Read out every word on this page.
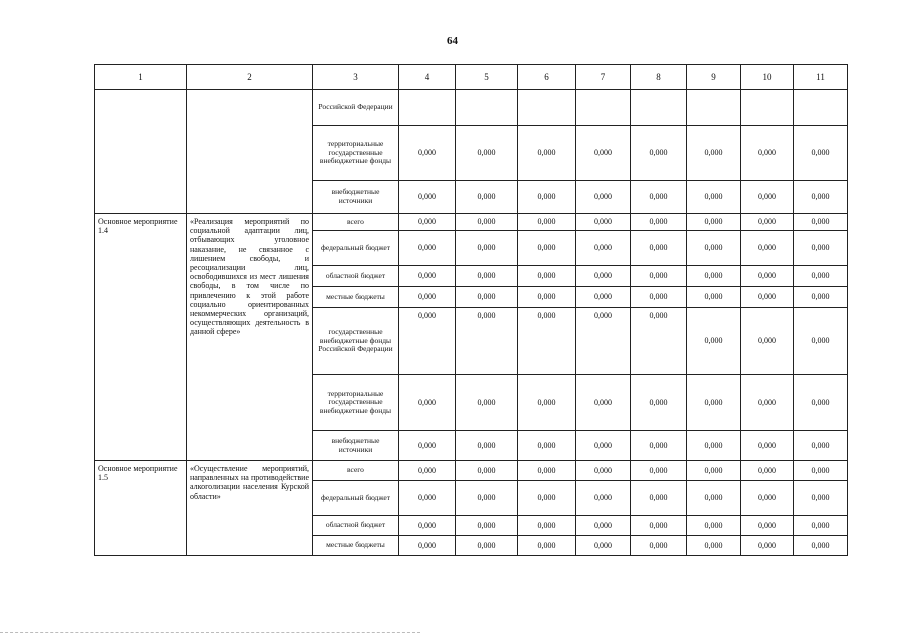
64
1	2	3	4	5	6	7	8	9	10	11
		Российской Федерации								
		территориальные государственные внебюджетные фонды	0,000	0,000	0,000	0,000	0,000	0,000	0,000	0,000
		внебюджетные источники	0,000	0,000	0,000	0,000	0,000	0,000	0,000	0,000
Основное мероприятие 1.4	«Реализация мероприятий по социальной адаптации лиц, отбывающих уголовное наказание, не связанное с лишением свободы, и ресоциализации лиц, освободившихся из мест лишения свободы, в том числе по привлечению к этой работе социально ориентированных некоммерческих организаций, осуществляющих деятельность в данной сфере»	всего	0,000	0,000	0,000	0,000	0,000	0,000	0,000	0,000
		федеральный бюджет	0,000	0,000	0,000	0,000	0,000	0,000	0,000	0,000
		областной бюджет	0,000	0,000	0,000	0,000	0,000	0,000	0,000	0,000
		местные бюджеты	0,000	0,000	0,000	0,000	0,000	0,000	0,000	0,000
		государственные внебюджетные фонды Российской Федерации	0,000	0,000	0,000	0,000	0,000	0,000	0,000	0,000
		территориальные государственные внебюджетные фонды	0,000	0,000	0,000	0,000	0,000	0,000	0,000	0,000
		внебюджетные источники	0,000	0,000	0,000	0,000	0,000	0,000	0,000	0,000
Основное мероприятие 1.5	«Осуществление мероприятий, направленных на противодействие алкоголизации населения Курской области»	всего	0,000	0,000	0,000	0,000	0,000	0,000	0,000	0,000
		федеральный бюджет	0,000	0,000	0,000	0,000	0,000	0,000	0,000	0,000
		областной бюджет	0,000	0,000	0,000	0,000	0,000	0,000	0,000	0,000
		местные бюджеты	0,000	0,000	0,000	0,000	0,000	0,000	0,000	0,000
